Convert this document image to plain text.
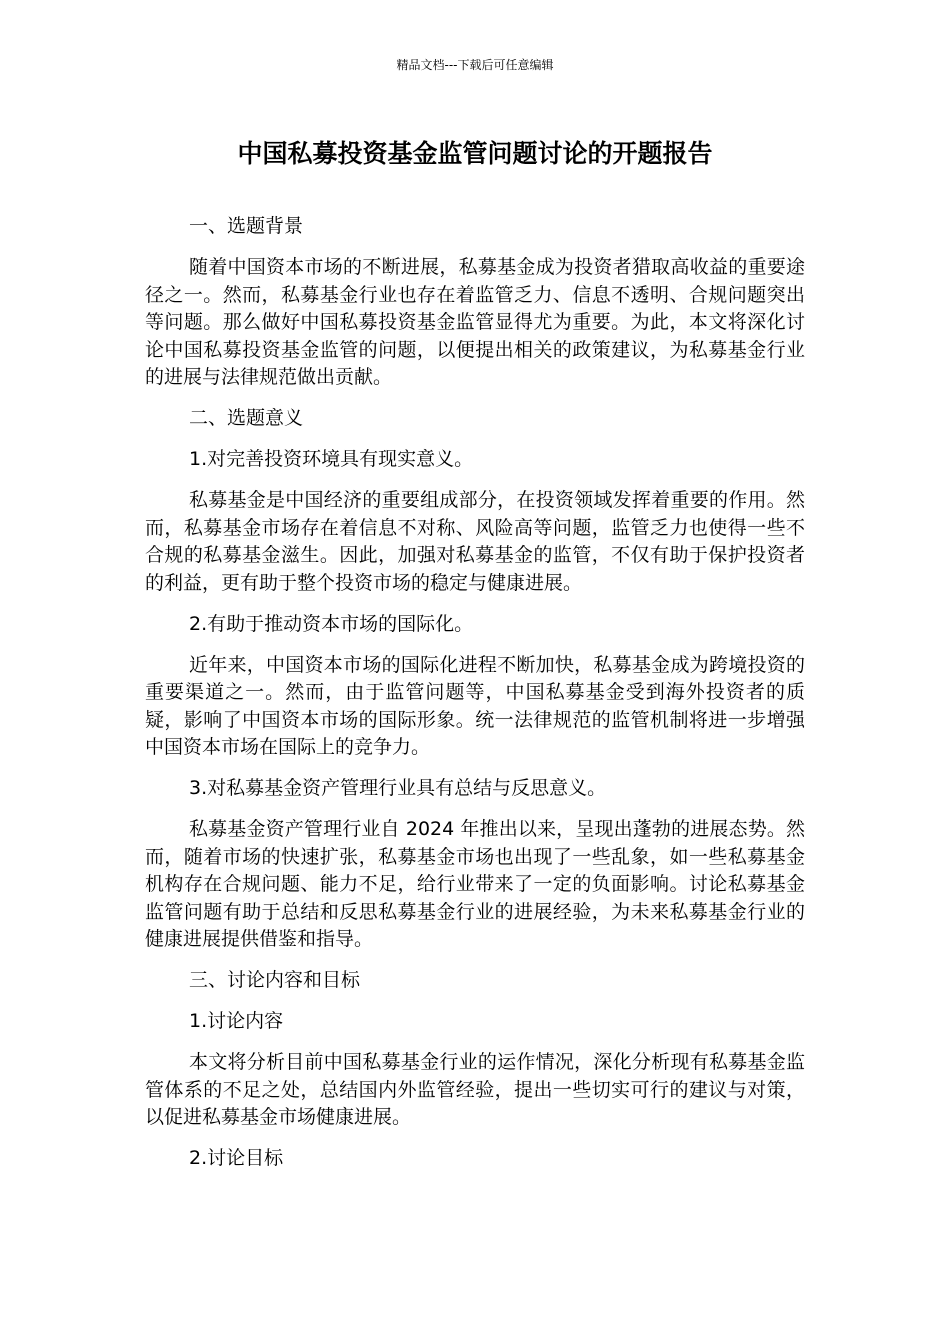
精品文档---下载后可任意编辑
中国私募投资基金监管问题讨论的开题报告

一、选题背景

随着中国资本市场的不断进展，私募基金成为投资者猎取高收益的重要途径之一。然而，私募基金行业也存在着监管乏力、信息不透明、合规问题突出等问题。那么做好中国私募投资基金监管显得尤为重要。为此，本文将深化讨论中国私募投资基金监管的问题，以便提出相关的政策建议，为私募基金行业的进展与法律规范做出贡献。

二、选题意义

1.对完善投资环境具有现实意义。

私募基金是中国经济的重要组成部分，在投资领域发挥着重要的作用。然而，私募基金市场存在着信息不对称、风险高等问题，监管乏力也使得一些不合规的私募基金滋生。因此，加强对私募基金的监管，不仅有助于保护投资者的利益，更有助于整个投资市场的稳定与健康进展。

2.有助于推动资本市场的国际化。

近年来，中国资本市场的国际化进程不断加快，私募基金成为跨境投资的重要渠道之一。然而，由于监管问题等，中国私募基金受到海外投资者的质疑，影响了中国资本市场的国际形象。统一法律规范的监管机制将进一步增强中国资本市场在国际上的竞争力。

3.对私募基金资产管理行业具有总结与反思意义。

私募基金资产管理行业自 2024 年推出以来，呈现出蓬勃的进展态势。然而，随着市场的快速扩张，私募基金市场也出现了一些乱象，如一些私募基金机构存在合规问题、能力不足，给行业带来了一定的负面影响。讨论私募基金监管问题有助于总结和反思私募基金行业的进展经验，为未来私募基金行业的健康进展提供借鉴和指导。

三、讨论内容和目标

1.讨论内容

本文将分析目前中国私募基金行业的运作情况，深化分析现有私募基金监管体系的不足之处，总结国内外监管经验，提出一些切实可行的建议与对策，以促进私募基金市场健康进展。

2.讨论目标
